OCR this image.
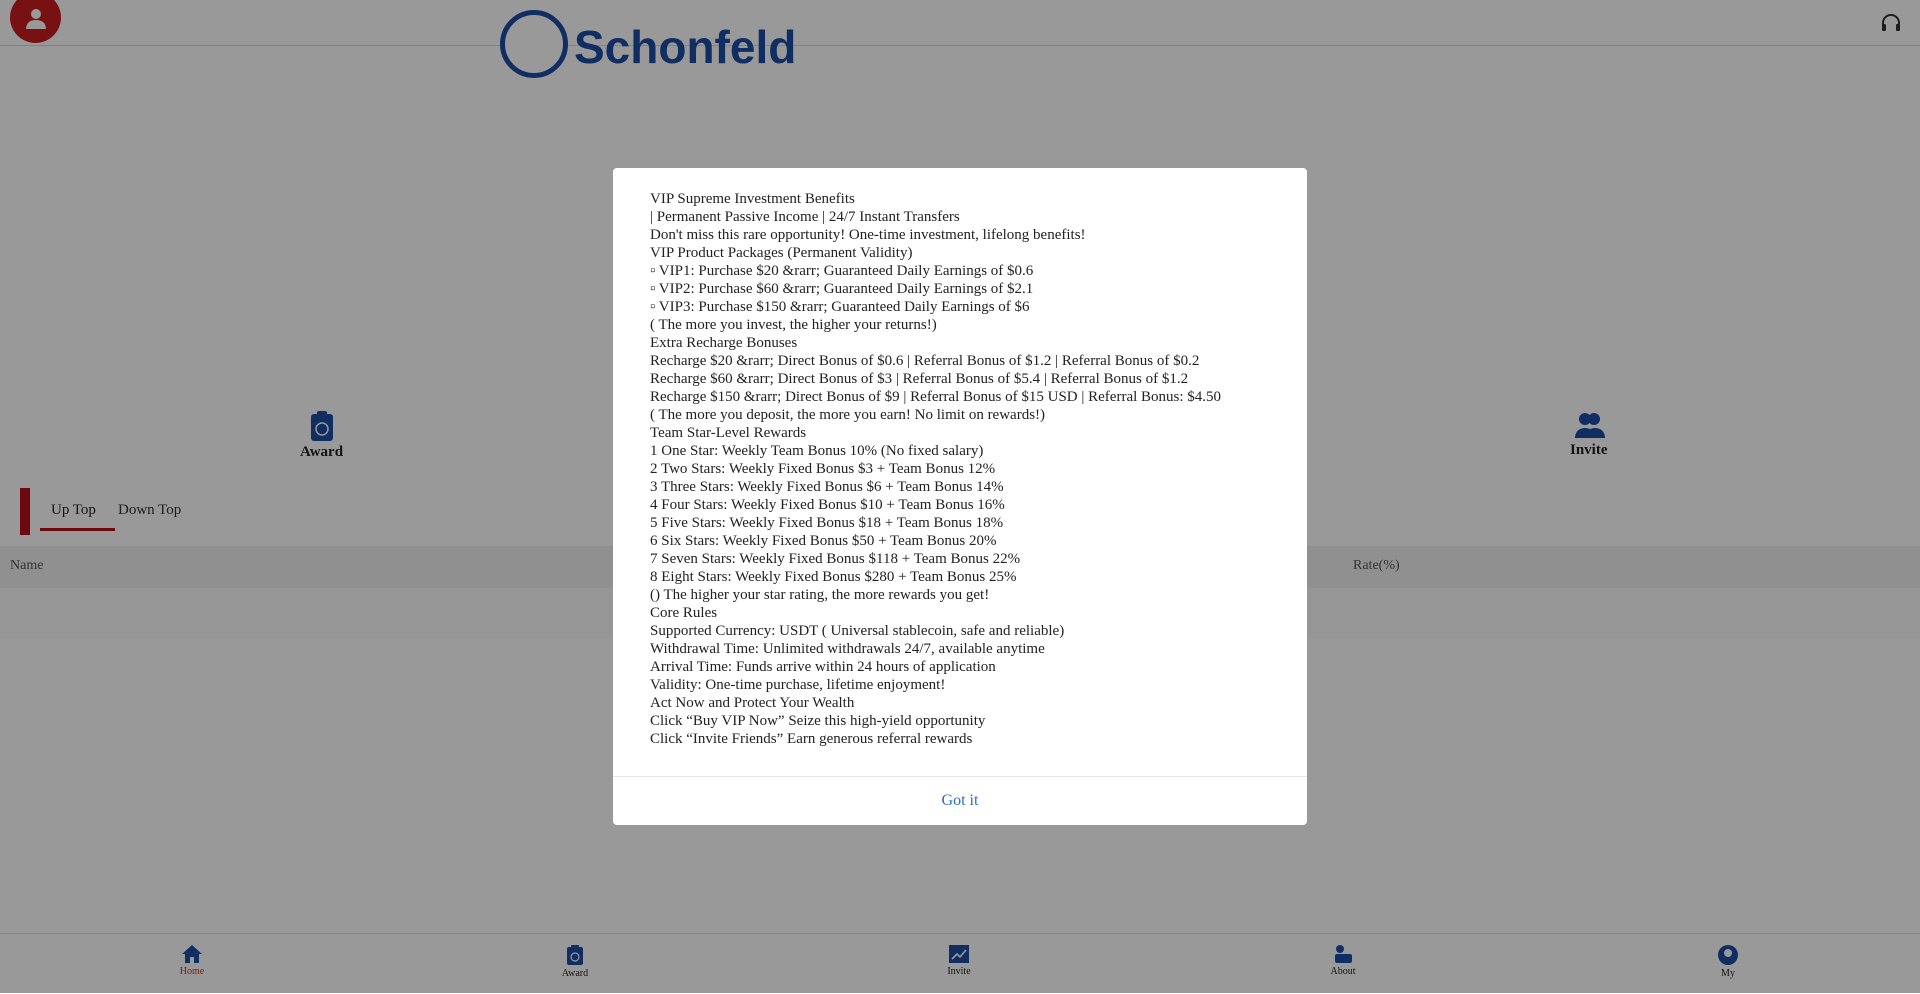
Schonfeld
Award	Invite
Up Top Down Top
Name	Rate(%)
Home	Award	Invite	About	My
VIP Supreme Investment Benefits
| Permanent Passive Income | 24/7 Instant Transfers
Don't miss this rare opportunity! One-time investment, lifelong benefits!
VIP Product Packages (Permanent Validity)
▫ VIP1: Purchase $20 &rarr; Guaranteed Daily Earnings of $0.6
▫ VIP2: Purchase $60 &rarr; Guaranteed Daily Earnings of $2.1
▫ VIP3: Purchase $150 &rarr; Guaranteed Daily Earnings of $6
( The more you invest, the higher your returns!)
Extra Recharge Bonuses
Recharge $20 &rarr; Direct Bonus of $0.6 | Referral Bonus of $1.2 | Referral Bonus of $0.2
Recharge $60 &rarr; Direct Bonus of $3 | Referral Bonus of $5.4 | Referral Bonus of $1.2
Recharge $150 &rarr; Direct Bonus of $9 | Referral Bonus of $15 USD | Referral Bonus: $4.50
( The more you deposit, the more you earn! No limit on rewards!)
Team Star-Level Rewards
1 One Star: Weekly Team Bonus 10% (No fixed salary)
2 Two Stars: Weekly Fixed Bonus $3 + Team Bonus 12%
3 Three Stars: Weekly Fixed Bonus $6 + Team Bonus 14%
4 Four Stars: Weekly Fixed Bonus $10 + Team Bonus 16%
5 Five Stars: Weekly Fixed Bonus $18 + Team Bonus 18%
6 Six Stars: Weekly Fixed Bonus $50 + Team Bonus 20%
7 Seven Stars: Weekly Fixed Bonus $118 + Team Bonus 22%
8 Eight Stars: Weekly Fixed Bonus $280 + Team Bonus 25%
() The higher your star rating, the more rewards you get!
Core Rules
Supported Currency: USDT ( Universal stablecoin, safe and reliable)
Withdrawal Time: Unlimited withdrawals 24/7, available anytime
Arrival Time: Funds arrive within 24 hours of application
Validity: One-time purchase, lifetime enjoyment!
Act Now and Protect Your Wealth
Click “Buy VIP Now” Seize this high-yield opportunity
Click “Invite Friends” Earn generous referral rewards
Got it
